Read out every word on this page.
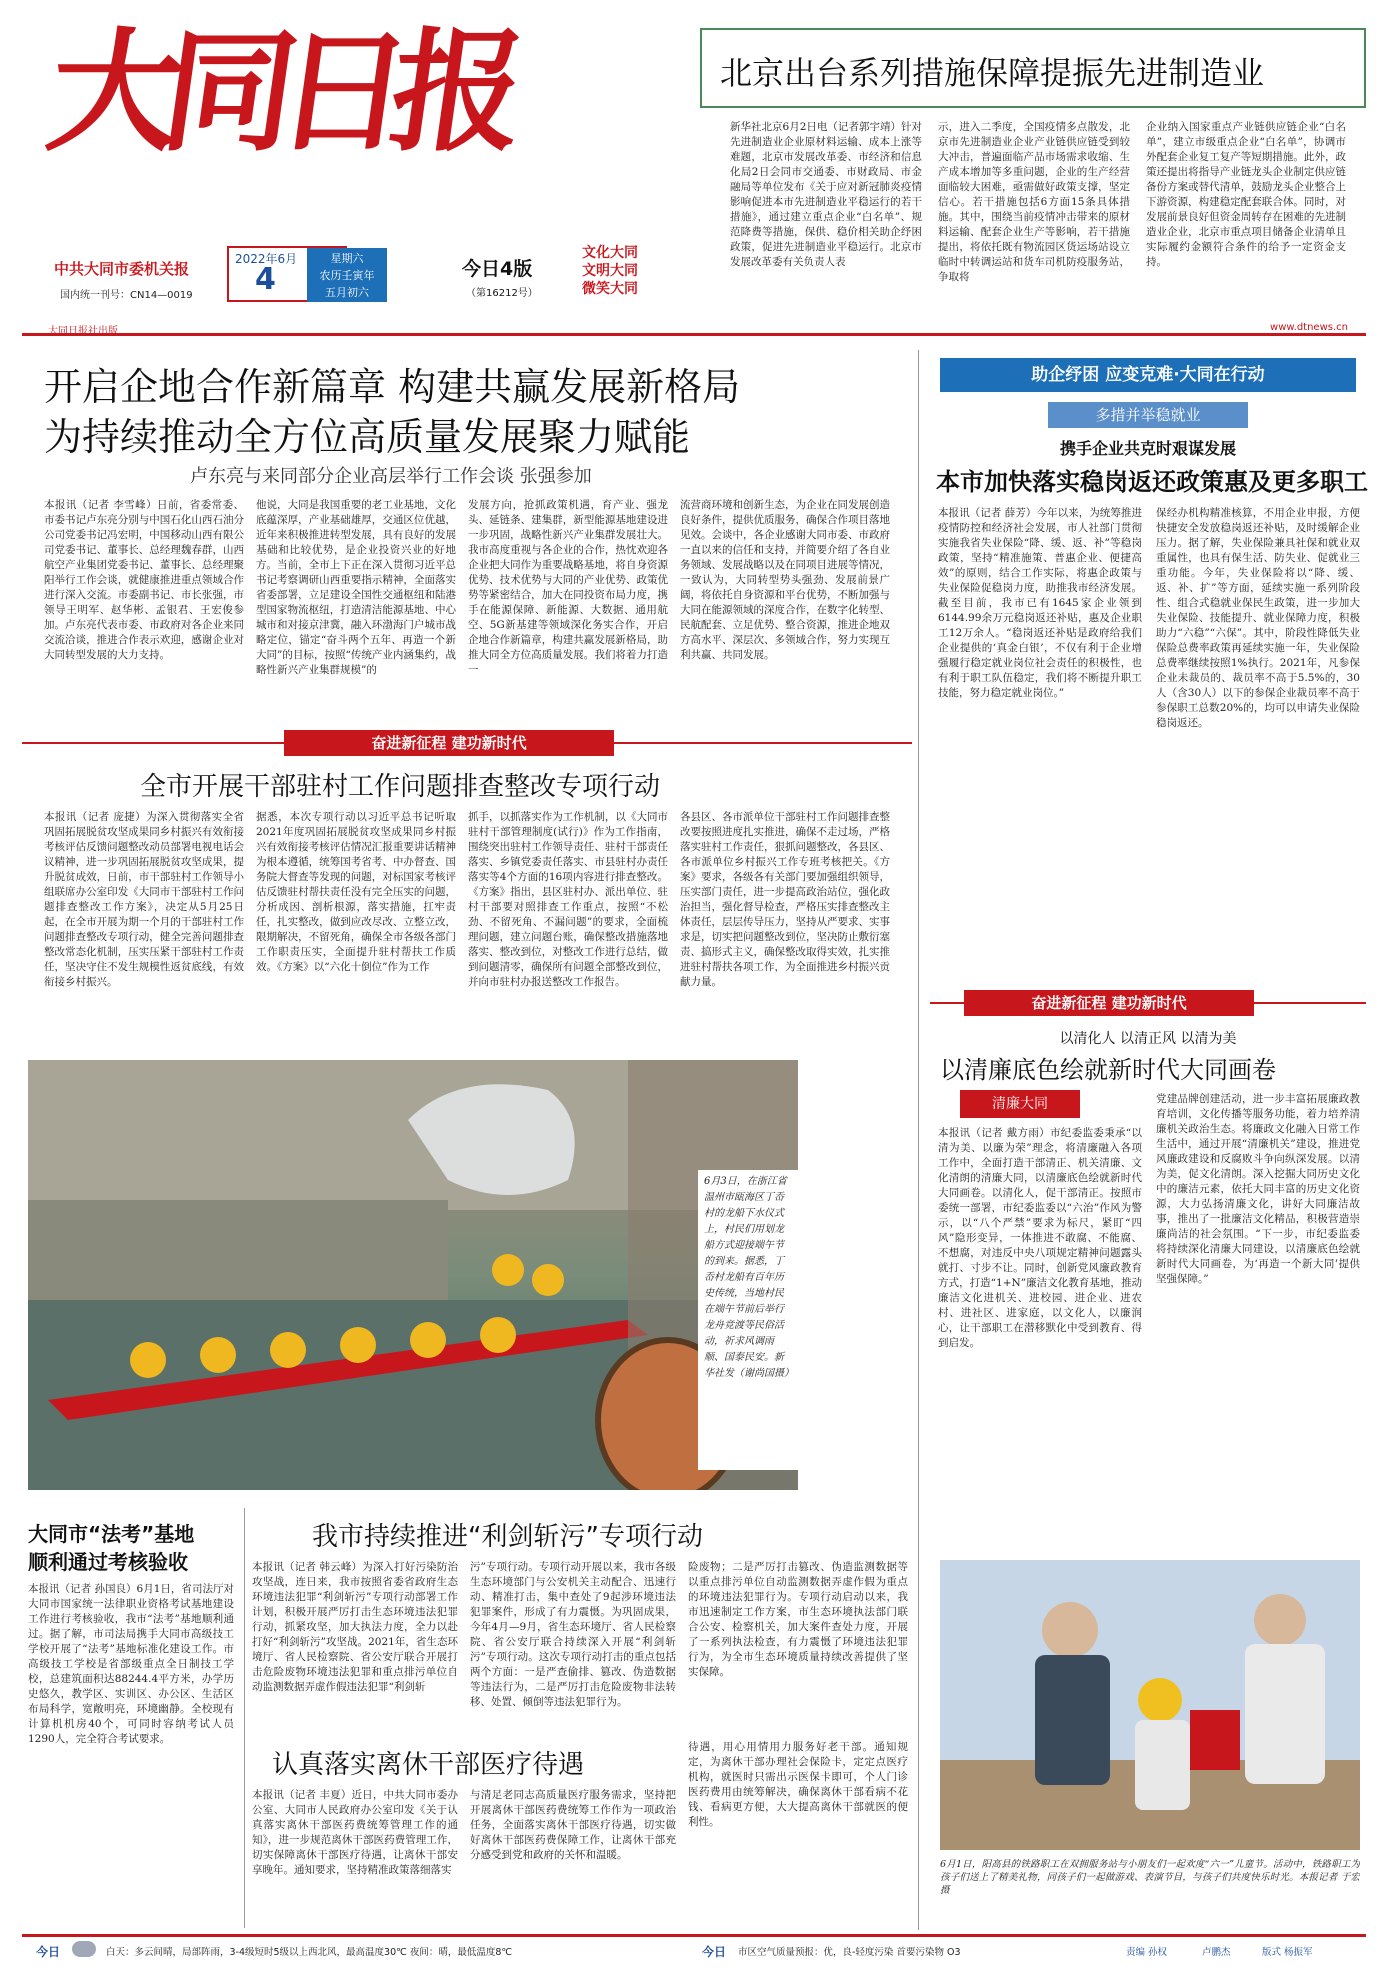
大同日报
中共大同市委机关报
国内统一刊号：CN14—0019
2022年6月
4
星期六
农历壬寅年
五月初六
今日4版
（第16212号）
文化大同
文明大同
微笑大同
北京出台系列措施保障提振先进制造业
新华社北京6月2日电（记者郭宇靖）针对先进制造业企业原材料运输、成本上涨等难题，北京市发展改革委、市经济和信息化局2日会同市交通委、市财政局、市金融局等单位发布《关于应对新冠肺炎疫情影响促进本市先进制造业平稳运行的若干措施》，通过建立重点企业“白名单”、规范降费等措施，保供、稳价相关助企纾困政策，促进先进制造业平稳运行。北京市发展改革委有关负责人表
示，进入二季度，全国疫情多点散发，北京市先进制造业企业产业链供应链受到较大冲击，普遍面临产品市场需求收缩、生产成本增加等多重问题，企业的生产经营面临较大困难，亟需做好政策支撑，坚定信心。若干措施包括6方面15条具体措施。其中，围绕当前疫情冲击带来的原材料运输、配套企业生产等影响，若干措施提出，将依托既有物流园区货运场站设立临时中转调运站和货车司机防疫服务站，争取将
企业纳入国家重点产业链供应链企业“白名单”，建立市级重点企业“白名单”，协调市外配套企业复工复产等短期措施。此外，政策还提出将指导产业链龙头企业制定供应链备份方案或替代清单，鼓励龙头企业整合上下游资源，构建稳定配套联合体。同时，对发展前景良好但资金周转存在困难的先进制造业企业，北京市重点项目储备企业清单且实际履约金额符合条件的给予一定资金支持。
大同日报社出版	www.dtnews.cn
开启企地合作新篇章 构建共赢发展新格局
为持续推动全方位高质量发展聚力赋能
卢东亮与来同部分企业高层举行工作会谈 张强参加
本报讯（记者 李雪峰）日前，省委常委、市委书记卢东亮分别与中国石化山西石油分公司党委书记冯宏明，中国移动山西有限公司党委书记、董事长、总经理魏春群，山西航空产业集团党委书记、董事长、总经理聚阳举行工作会谈，就健康推进重点领域合作进行深入交流。市委副书记、市长张强，市领导王明军、赵华彬、孟银君、王宏俊参加。卢东亮代表市委、市政府对各企业来同交流洽谈，推进合作表示欢迎，感谢企业对大同转型发展的大力支持。
他说，大同是我国重要的老工业基地，文化底蕴深厚，产业基础雄厚，交通区位优越，近年来积极推进转型发展，具有良好的发展基础和比较优势，是企业投资兴业的好地方。当前，全市上下正在深入贯彻习近平总书记考察调研山西重要指示精神，全面落实省委部署，立足建设全国性交通枢纽和陆港型国家物流枢纽，打造清洁能源基地、中心城市和对接京津冀，融入环渤海门户城市战略定位，锚定“奋斗两个五年、再造一个新大同”的目标，按照“传统产业内涵集约，战略性新兴产业集群规模”的
发展方向，抢抓政策机遇，育产业、强龙头、延链条、建集群，新型能源基地建设进一步巩固，战略性新兴产业集群发展壮大。我市高度重视与各企业的合作，热忱欢迎各企业把大同作为重要战略基地，将自身资源优势、技术优势与大同的产业优势、政策优势等紧密结合，加大在同投资布局力度，携手在能源保障、新能源、大数据、通用航空、5G新基建等领域深化务实合作，开启企地合作新篇章，构建共赢发展新格局，助推大同全方位高质量发展。我们将着力打造一
流营商环境和创新生态，为企业在同发展创造良好条件，提供优质服务，确保合作项目落地见效。会谈中，各企业感谢大同市委、市政府一直以来的信任和支持，并简要介绍了各自业务领域、发展战略以及在同项目进展等情况，一致认为，大同转型势头强劲、发展前景广阔，将依托自身资源和平台优势，不断加强与大同在能源领域的深度合作，在数字化转型、民航配套、立足优势、整合资源，推进企地双方高水平、深层次、多领域合作，努力实现互利共赢、共同发展。
助企纾困 应变克难·大同在行动
多措并举稳就业
携手企业共克时艰谋发展
本市加快落实稳岗返还政策惠及更多职工
本报讯（记者 薛芳）今年以来，为统筹推进疫情防控和经济社会发展，市人社部门贯彻实施我省失业保险“降、缓、返、补”等稳岗政策，坚持“精准施策、普惠企业、便捷高效”的原则，结合工作实际，将惠企政策与失业保险促稳岗力度，助推我市经济发展。截至目前，我市已有1645家企业领到6144.99余万元稳岗返还补贴，惠及企业职工12万余人。“稳岗返还补贴是政府给我们企业提供的‘真金白银’，不仅有利于企业增强履行稳定就业岗位社会责任的积极性，也有利于职工队伍稳定，我们将不断提升职工技能，努力稳定就业岗位。”
保经办机构精准核算，不用企业申报，方便快捷安全发放稳岗返还补贴，及时缓解企业压力。据了解，失业保险兼具社保和就业双重属性，也具有保生活、防失业、促就业三重功能。今年，失业保险将以“降、缓、返、补、扩”等方面，延续实施一系列阶段性、组合式稳就业保民生政策，进一步加大失业保险、技能提升、就业保障力度，积极助力“六稳”“六保”。其中，阶段性降低失业保险总费率政策再延续实施一年，失业保险总费率继续按照1%执行。2021年，凡参保企业未裁员的、裁员率不高于5.5%的，30人（含30人）以下的参保企业裁员率不高于参保职工总数20%的，均可以申请失业保险稳岗返还。
奋进新征程 建功新时代
全市开展干部驻村工作问题排查整改专项行动
本报讯（记者 庞捷）为深入贯彻落实全省巩固拓展脱贫攻坚成果同乡村振兴有效衔接考核评估反馈问题整改动员部署电视电话会议精神，进一步巩固拓展脱贫攻坚成果，提升脱贫成效，日前，市干部驻村工作领导小组联席办公室印发《大同市干部驻村工作问题排查整改工作方案》，决定从5月25日起，在全市开展为期一个月的干部驻村工作问题排查整改专项行动，健全完善问题排查整改常态化机制，压实压紧干部驻村工作责任，坚决守住不发生规模性返贫底线，有效衔接乡村振兴。
据悉，本次专项行动以习近平总书记听取2021年度巩固拓展脱贫攻坚成果同乡村振兴有效衔接考核评估情况汇报重要讲话精神为根本遵循，统筹国考省考、中办督查、国务院大督查等发现的问题，对标国家考核评估反馈驻村帮扶责任没有完全压实的问题，分析成因、剖析根源，落实措施，扛牢责任，扎实整改，做到应改尽改、立整立改，限期解决，不留死角，确保全市各级各部门工作职责压实，全面提升驻村帮扶工作质效。《方案》以“六化十倒位”作为工作
抓手，以抓落实作为工作机制，以《大同市驻村干部管理制度(试行)》作为工作指南，围绕突出驻村工作领导责任、驻村干部责任落实、乡镇党委责任落实、市县驻村办责任落实等4个方面的16项内容进行排查整改。《方案》指出，县区驻村办、派出单位、驻村干部要对照排查工作重点，按照“不松劲、不留死角、不漏问题”的要求，全面梳理问题，建立问题台账，确保整改措施落地落实、整改到位，对整改工作进行总结，做到问题清零，确保所有问题全部整改到位，并向市驻村办报送整改工作报告。
各县区、各市派单位干部驻村工作问题排查整改要按照进度扎实推进，确保不走过场，严格落实驻村工作责任，狠抓问题整改，各县区、各市派单位乡村振兴工作专班考核把关。《方案》要求，各级各有关部门要加强组织领导，压实部门责任，进一步提高政治站位，强化政治担当，强化督导检查，严格压实排查整改主体责任，层层传导压力，坚持从严要求、实事求是，切实把问题整改到位，坚决防止敷衍塞责、搞形式主义，确保整改取得实效，扎实推进驻村帮扶各项工作，为全面推进乡村振兴贡献力量。
6月3日，在浙江省温州市瓯海区丁岙村的龙船下水仪式上，村民们用划龙船方式迎接端午节的到来。据悉，丁岙村龙船有百年历史传统，当地村民在端午节前后举行龙舟竞渡等民俗活动，祈求风调雨顺、国泰民安。新华社发（谢尚国摄）
奋进新征程 建功新时代
以清化人 以清正风 以清为美
以清廉底色绘就新时代大同画卷
清廉大同
本报讯（记者 戴方雨）市纪委监委秉承“以清为美、以廉为荣”理念，将清廉融入各项工作中，全面打造干部清正、机关清廉、文化清朗的清廉大同，以清廉底色绘就新时代大同画卷。以清化人，促干部清正。按照市委统一部署，市纪委监委以“六治”作风为警示，以“八个严禁”要求为标尺，紧盯“四风”隐形变异，一体推进不敢腐、不能腐、不想腐，对违反中央八项规定精神问题露头就打、寸步不让。同时，创新党风廉政教育方式，打造“1+N”廉洁文化教育基地，推动廉洁文化进机关、进校园、进企业、进农村、进社区、进家庭，以文化人，以廉润心，让干部职工在潜移默化中受到教育、得到启发。
党建品牌创建活动，进一步丰富拓展廉政教育培训，文化传播等服务功能，着力培养清廉机关政治生态。将廉政文化融入日常工作生活中，通过开展“清廉机关”建设，推进党风廉政建设和反腐败斗争向纵深发展。以清为美，促文化清朗。深入挖掘大同历史文化中的廉洁元素，依托大同丰富的历史文化资源，大力弘扬清廉文化，讲好大同廉洁故事，推出了一批廉洁文化精品，积极营造崇廉尚洁的社会氛围。“下一步，市纪委监委将持续深化清廉大同建设，以清廉底色绘就新时代大同画卷，为‘再造一个新大同’提供坚强保障。”
大同市“法考”基地
顺利通过考核验收
本报讯（记者 孙国良）6月1日，省司法厅对大同市国家统一法律职业资格考试基地建设工作进行考核验收，我市“法考”基地顺利通过。据了解，市司法局携手大同市高级技工学校开展了“法考”基地标准化建设工作。市高级技工学校是省部级重点全日制技工学校，总建筑面积达88244.4平方米，办学历史悠久，教学区、实训区、办公区、生活区布局科学，宽敞明亮，环境幽静。全校现有计算机机房40个，可同时容纳考试人员1290人，完全符合考试要求。
我市持续推进“利剑斩污”专项行动
本报讯（记者 韩云峰）为深入打好污染防治攻坚战，连日来，我市按照省委省政府生态环境违法犯罪“利剑斩污”专项行动部署工作计划，积极开展严厉打击生态环境违法犯罪行动，抓紧攻坚，加大执法力度，全力以赴打好“利剑斩污”攻坚战。2021年，省生态环境厅、省人民检察院、省公安厅联合开展打击危险废物环境违法犯罪和重点排污单位自动监测数据弄虚作假违法犯罪“利剑斩
污”专项行动。专项行动开展以来，我市各级生态环境部门与公安机关主动配合、迅速行动、精准打击，集中查处了9起涉环境违法犯罪案件，形成了有力震慑。为巩固成果，今年4月—9月，省生态环境厅、省人民检察院、省公安厅联合持续深入开展“利剑斩污”专项行动。这次专项行动打击的重点包括两个方面：一是严查偷排、篡改、伪造数据等违法行为，二是严厉打击危险废物非法转移、处置、倾倒等违法犯罪行为。
险废物；二是严厉打击篡改、伪造监测数据等以重点排污单位自动监测数据弄虚作假为重点的环境违法犯罪行为。专项行动启动以来，我市迅速制定工作方案，市生态环境执法部门联合公安、检察机关，加大案件查处力度，开展了一系列执法检查，有力震慑了环境违法犯罪行为，为全市生态环境质量持续改善提供了坚实保障。
认真落实离休干部医疗待遇
本报讯（记者 丰夏）近日，中共大同市委办公室、大同市人民政府办公室印发《关于认真落实离休干部医药费统筹管理工作的通知》，进一步规范离休干部医药费管理工作，切实保障离休干部医疗待遇，让离休干部安享晚年。通知要求，坚持精准政策落细落实
与清足老同志高质量医疗服务需求，坚持把开展离休干部医药费统筹工作作为一项政治任务，全面落实离休干部医疗待遇，切实做好离休干部医药费保障工作，让离休干部充分感受到党和政府的关怀和温暖。
待遇，用心用情用力服务好老干部。通知规定，为离休干部办理社会保险卡，定定点医疗机构，就医时只需出示医保卡即可，个人门诊医药费用由统筹解决，确保离休干部看病不花钱、看病更方便，大大提高离休干部就医的便利性。
6月1日，阳高县的铁路职工在双拥服务站与小朋友们一起欢度“六一”儿童节。活动中，铁路职工为孩子们送上了精美礼物，同孩子们一起做游戏、表演节目，与孩子们共度快乐时光。本报记者 于宏摄
今日	白天：多云间晴，局部阵雨，3-4级短时5级以上西北风，最高温度30℃ 夜间：晴，最低温度8℃	今日 市区空气质量预报：优，良-轻度污染 首要污染物 O3	责编 孙权	卢鹏杰	版式 杨振军
